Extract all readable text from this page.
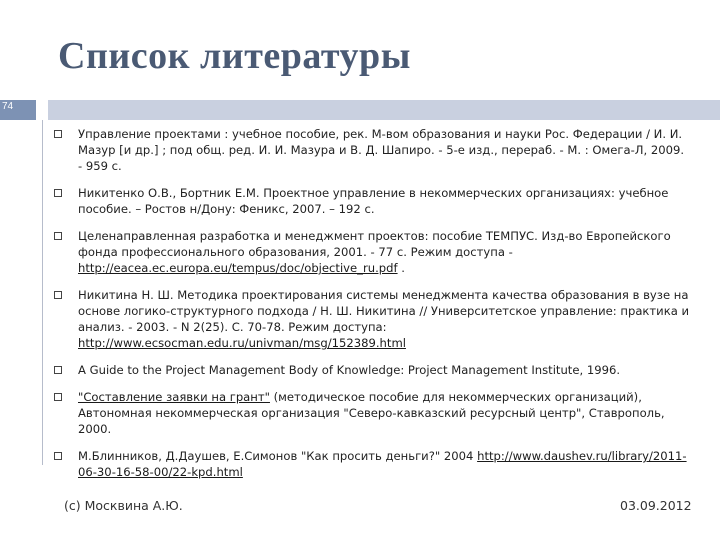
Список литературы
74
Управление проектами : учебное пособие, рек. М-вом образования и науки Рос. Федерации / И. И. Мазур [и др.] ; под общ. ред. И. И. Мазура и В. Д. Шапиро. - 5-е изд., перераб. - М. : Омега-Л, 2009. - 959 с.
Никитенко О.В., Бортник Е.М. Проектное управление в некоммерческих организациях: учебное пособие. – Ростов н/Дону: Феникс, 2007. – 192 с.
Целенаправленная разработка и менеджмент проектов: пособие ТЕМПУС. Изд-во Европейского фонда профессионального образования, 2001. - 77 с. Режим доступа - http://eacea.ec.europa.eu/tempus/doc/objective_ru.pdf .
Никитина Н. Ш. Методика проектирования системы менеджмента качества образования в вузе на основе логико-структурного подхода / Н. Ш. Никитина // Университетское управление: практика и анализ. - 2003. - N 2(25). С. 70-78. Режим доступа: http://www.ecsocman.edu.ru/univman/msg/152389.html
A Guide to the Project Management Body of Knowledge: Project Management Institute, 1996.
"Составление заявки на грант" (методическое пособие для некоммерческих организаций), Автономная некоммерческая организация "Северо-кавказский ресурсный центр", Ставрополь, 2000.
М.Блинников, Д.Даушев, Е.Симонов "Как просить деньги?" 2004 http://www.daushev.ru/library/2011-06-30-16-58-00/22-kpd.html
(c) Москвина А.Ю.	03.09.2012
